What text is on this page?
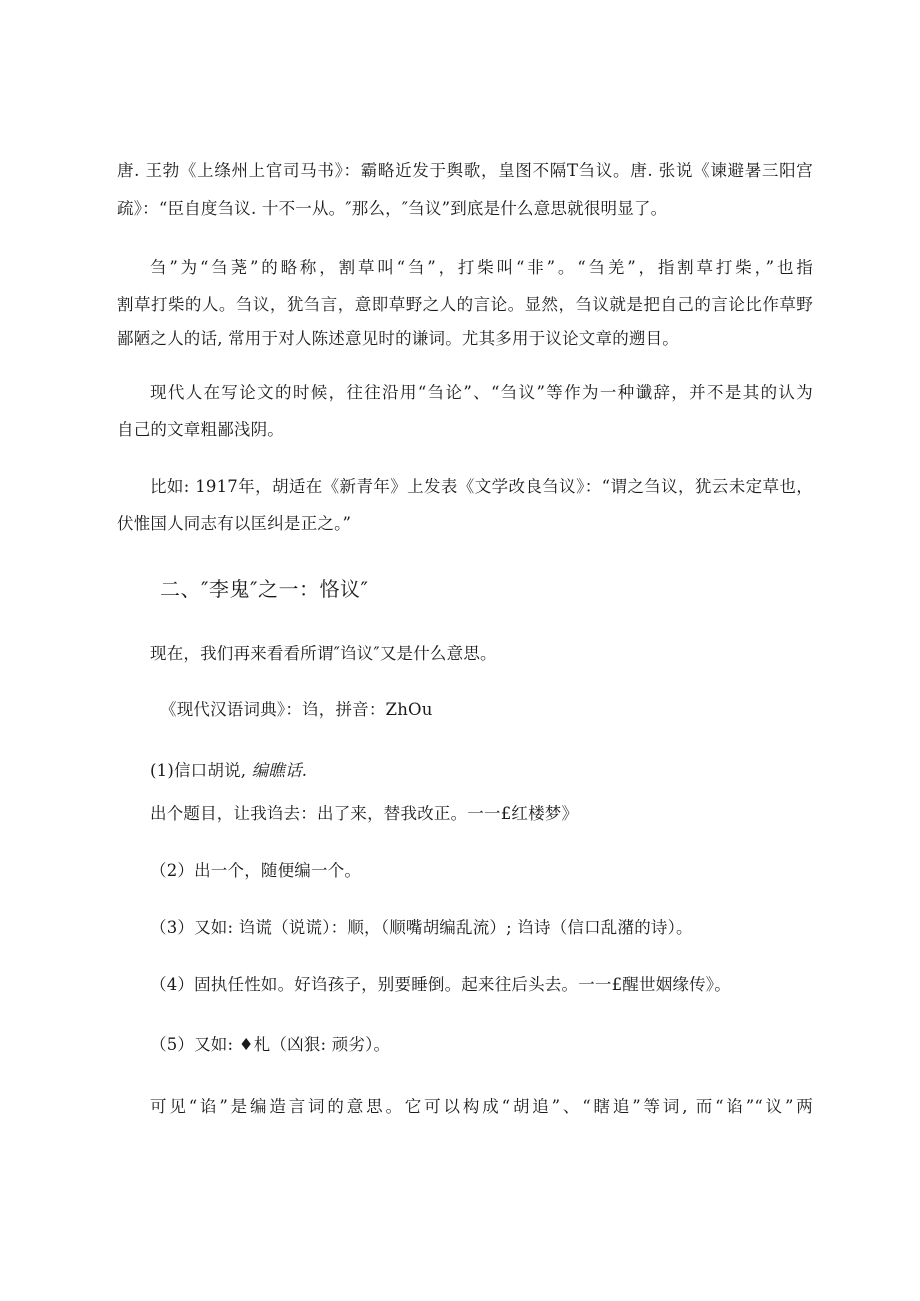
唐. 王勃《上绦州上官司马书》：霸略近发于舆歌，皇图不隔T刍议。唐. 张说《谏避暑三阳宫
疏》：“臣自度刍议. 十不一从。″那么，″刍议”到底是什么意思就很明显了。
刍”为“刍荛”的略称，割草叫“刍”，打柴叫“非”。“刍羌”，指割草打柴，”也指
割草打柴的人。刍议，犹刍言，意即草野之人的言论。显然，刍议就是把自己的言论比作草野
鄙陋之人的话, 常用于对人陈述意见时的谦词。尤其多用于议论文章的遡目。
现代人在写论文的时候，往往沿用“刍论”、“刍议”等作为一种谶辞，并不是其的认为
自己的文章粗鄙浅阴。
比如: 1917年，胡适在《新青年》上发表《文学改良刍议》：“谓之刍议，犹云未定草也，
伏惟国人同志有以匡纠是正之。”
二、″李鬼″之一：恪议″
现在，我们再来看看所谓″诌议″又是什么意思。
《现代汉语词典》：诌，拼音：ZhOu
(1)信口胡说, 编瞧话.
出个题目，让我诌去：出了来，替我改正。一一£红楼梦》
（2）出一个，随便编一个。
（3）又如: 诌谎（说谎）：顺，（顺嘴胡编乱流）; 诌诗（信口乱潴的诗）。
（4）固执任性如。好诌孩子，别要睡倒。起来往后头去。一一£醒世姻缘传》。
（5）又如: ♦札（凶狠: 顽劣）。
可见“谄”是编造言词的意思。它可以构成“胡追”、“瞎追”等词, 而“谄”“议”两
